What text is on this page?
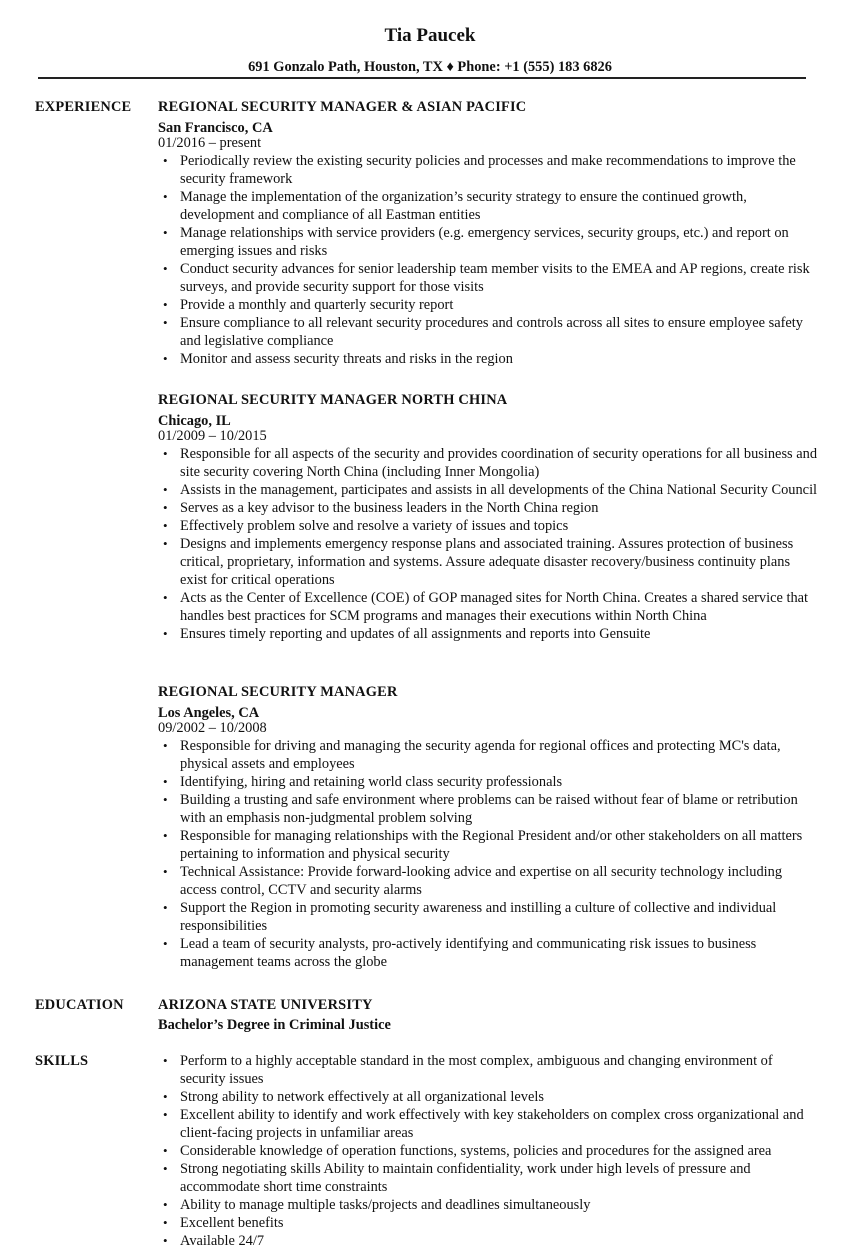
Tia Paucek
691 Gonzalo Path, Houston, TX ♦ Phone: +1 (555) 183 6826
EXPERIENCE REGIONAL SECURITY MANAGER & ASIAN PACIFIC
San Francisco, CA
01/2016 – present
• Periodically review the existing security policies and processes and make recommendations to improve the security framework
• Manage the implementation of the organization’s security strategy to ensure the continued growth, development and compliance of all Eastman entities
• Manage relationships with service providers (e.g. emergency services, security groups, etc.) and report on emerging issues and risks
• Conduct security advances for senior leadership team member visits to the EMEA and AP regions, create risk surveys, and provide security support for those visits
• Provide a monthly and quarterly security report
• Ensure compliance to all relevant security procedures and controls across all sites to ensure employee safety and legislative compliance
• Monitor and assess security threats and risks in the region
REGIONAL SECURITY MANAGER NORTH CHINA
Chicago, IL
01/2009 – 10/2015
• Responsible for all aspects of the security and provides coordination of security operations for all business and site security covering North China (including Inner Mongolia)
• Assists in the management, participates and assists in all developments of the China National Security Council
• Serves as a key advisor to the business leaders in the North China region
• Effectively problem solve and resolve a variety of issues and topics
• Designs and implements emergency response plans and associated training. Assures protection of business critical, proprietary, information and systems. Assure adequate disaster recovery/business continuity plans exist for critical operations
• Acts as the Center of Excellence (COE) of GOP managed sites for North China. Creates a shared service that handles best practices for SCM programs and manages their executions within North China
• Ensures timely reporting and updates of all assignments and reports into Gensuite
REGIONAL SECURITY MANAGER
Los Angeles, CA
09/2002 – 10/2008
• Responsible for driving and managing the security agenda for regional offices and protecting MC's data, physical assets and employees
• Identifying, hiring and retaining world class security professionals
• Building a trusting and safe environment where problems can be raised without fear of blame or retribution with an emphasis non-judgmental problem solving
• Responsible for managing relationships with the Regional President and/or other stakeholders on all matters pertaining to information and physical security
• Technical Assistance: Provide forward-looking advice and expertise on all security technology including access control, CCTV and security alarms
• Support the Region in promoting security awareness and instilling a culture of collective and individual responsibilities
• Lead a team of security analysts, pro-actively identifying and communicating risk issues to business management teams across the globe
EDUCATION ARIZONA STATE UNIVERSITY
Bachelor’s Degree in Criminal Justice
SKILLS	• Perform to a highly acceptable standard in the most complex, ambiguous and changing environment of security issues
• Strong ability to network effectively at all organizational levels
• Excellent ability to identify and work effectively with key stakeholders on complex cross organizational and client-facing projects in unfamiliar areas
• Considerable knowledge of operation functions, systems, policies and procedures for the assigned area
• Strong negotiating skills Ability to maintain confidentiality, work under high levels of pressure and accommodate short time constraints
• Ability to manage multiple tasks/projects and deadlines simultaneously
• Excellent benefits
• Available 24/7
